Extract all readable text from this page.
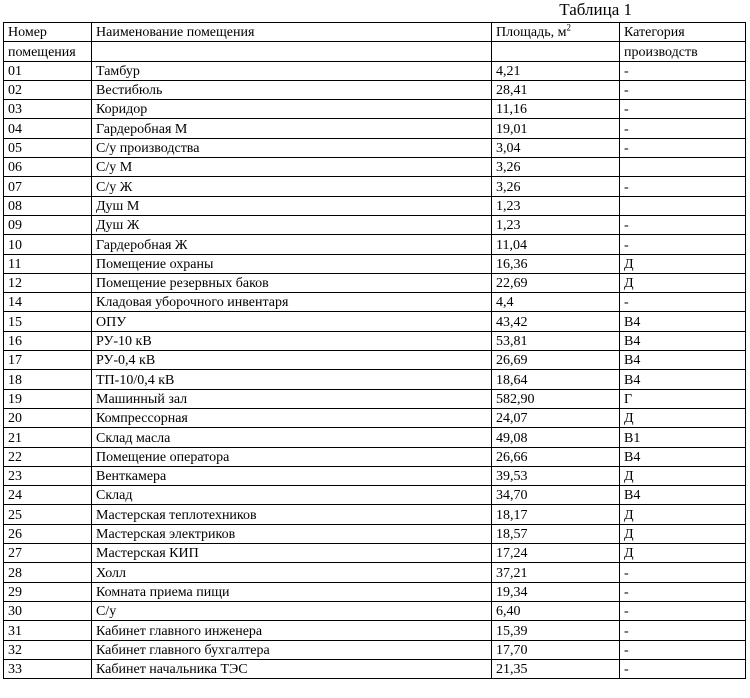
Таблица 1
Номер	Наименование помещения	Площадь, $м^2$	Категория
помещения			производств
01	Тамбур	4,21	-
02	Вестибюль	28,41	-
03	Коридор	11,16	-
04	Гардеробная М	19,01	-
05	С/у производства	3,04	-
06	С/у М	3,26	
07	С/у Ж	3,26	-
08	Душ М	1,23	
09	Душ Ж	1,23	-
10	Гардеробная Ж	11,04	-
11	Помещение охраны	16,36	Д
12	Помещение резервных баков	22,69	Д
14	Кладовая уборочного инвентаря	4,4	-
15	ОПУ	43,42	В4
16	РУ-10 кВ	53,81	В4
17	РУ-0,4 кВ	26,69	В4
18	ТП-10/0,4 кВ	18,64	В4
19	Машинный зал	582,90	Г
20	Компрессорная	24,07	Д
21	Склад масла	49,08	В1
22	Помещение оператора	26,66	В4
23	Венткамера	39,53	Д
24	Склад	34,70	В4
25	Мастерская теплотехников	18,17	Д
26	Мастерская электриков	18,57	Д
27	Мастерская КИП	17,24	Д
28	Холл	37,21	-
29	Комната приема пищи	19,34	-
30	С/у	6,40	-
31	Кабинет главного инженера	15,39	-
32	Кабинет главного бухгалтера	17,70	-
33	Кабинет начальника ТЭС	21,35	-
